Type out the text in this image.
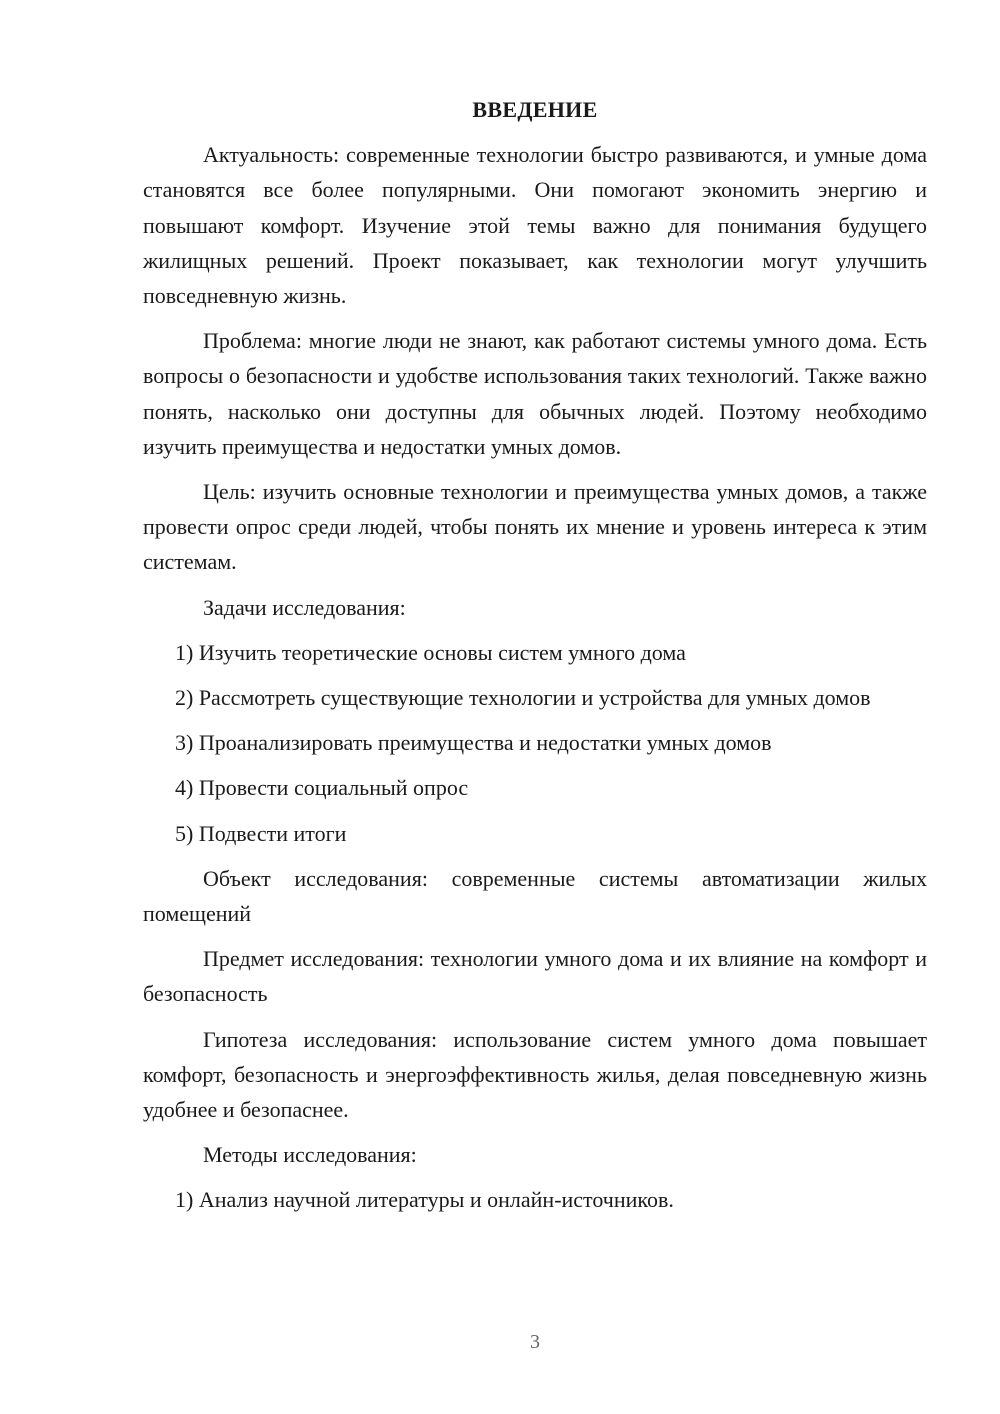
ВВЕДЕНИЕ

Актуальность: современные технологии быстро развиваются, и умные дома становятся все более популярными. Они помогают экономить энергию и повышают комфорт. Изучение этой темы важно для понимания будущего жилищных решений. Проект показывает, как технологии могут улучшить повседневную жизнь.

Проблема: многие люди не знают, как работают системы умного дома. Есть вопросы о безопасности и удобстве использования таких технологий. Также важно понять, насколько они доступны для обычных людей. Поэтому необходимо изучить преимущества и недостатки умных домов.

Цель: изучить основные технологии и преимущества умных домов, а также провести опрос среди людей, чтобы понять их мнение и уровень интереса к этим системам.

Задачи исследования:

1) Изучить теоретические основы систем умного дома

2) Рассмотреть существующие технологии и устройства для умных домов

3) Проанализировать преимущества и недостатки умных домов

4) Провести социальный опрос

5) Подвести итоги

Объект исследования: современные системы автоматизации жилых помещений

Предмет исследования: технологии умного дома и их влияние на комфорт и безопасность

Гипотеза исследования: использование систем умного дома повышает комфорт, безопасность и энергоэффективность жилья, делая повседневную жизнь удобнее и безопаснее.

Методы исследования:

1) Анализ научной литературы и онлайн-источников.

3
